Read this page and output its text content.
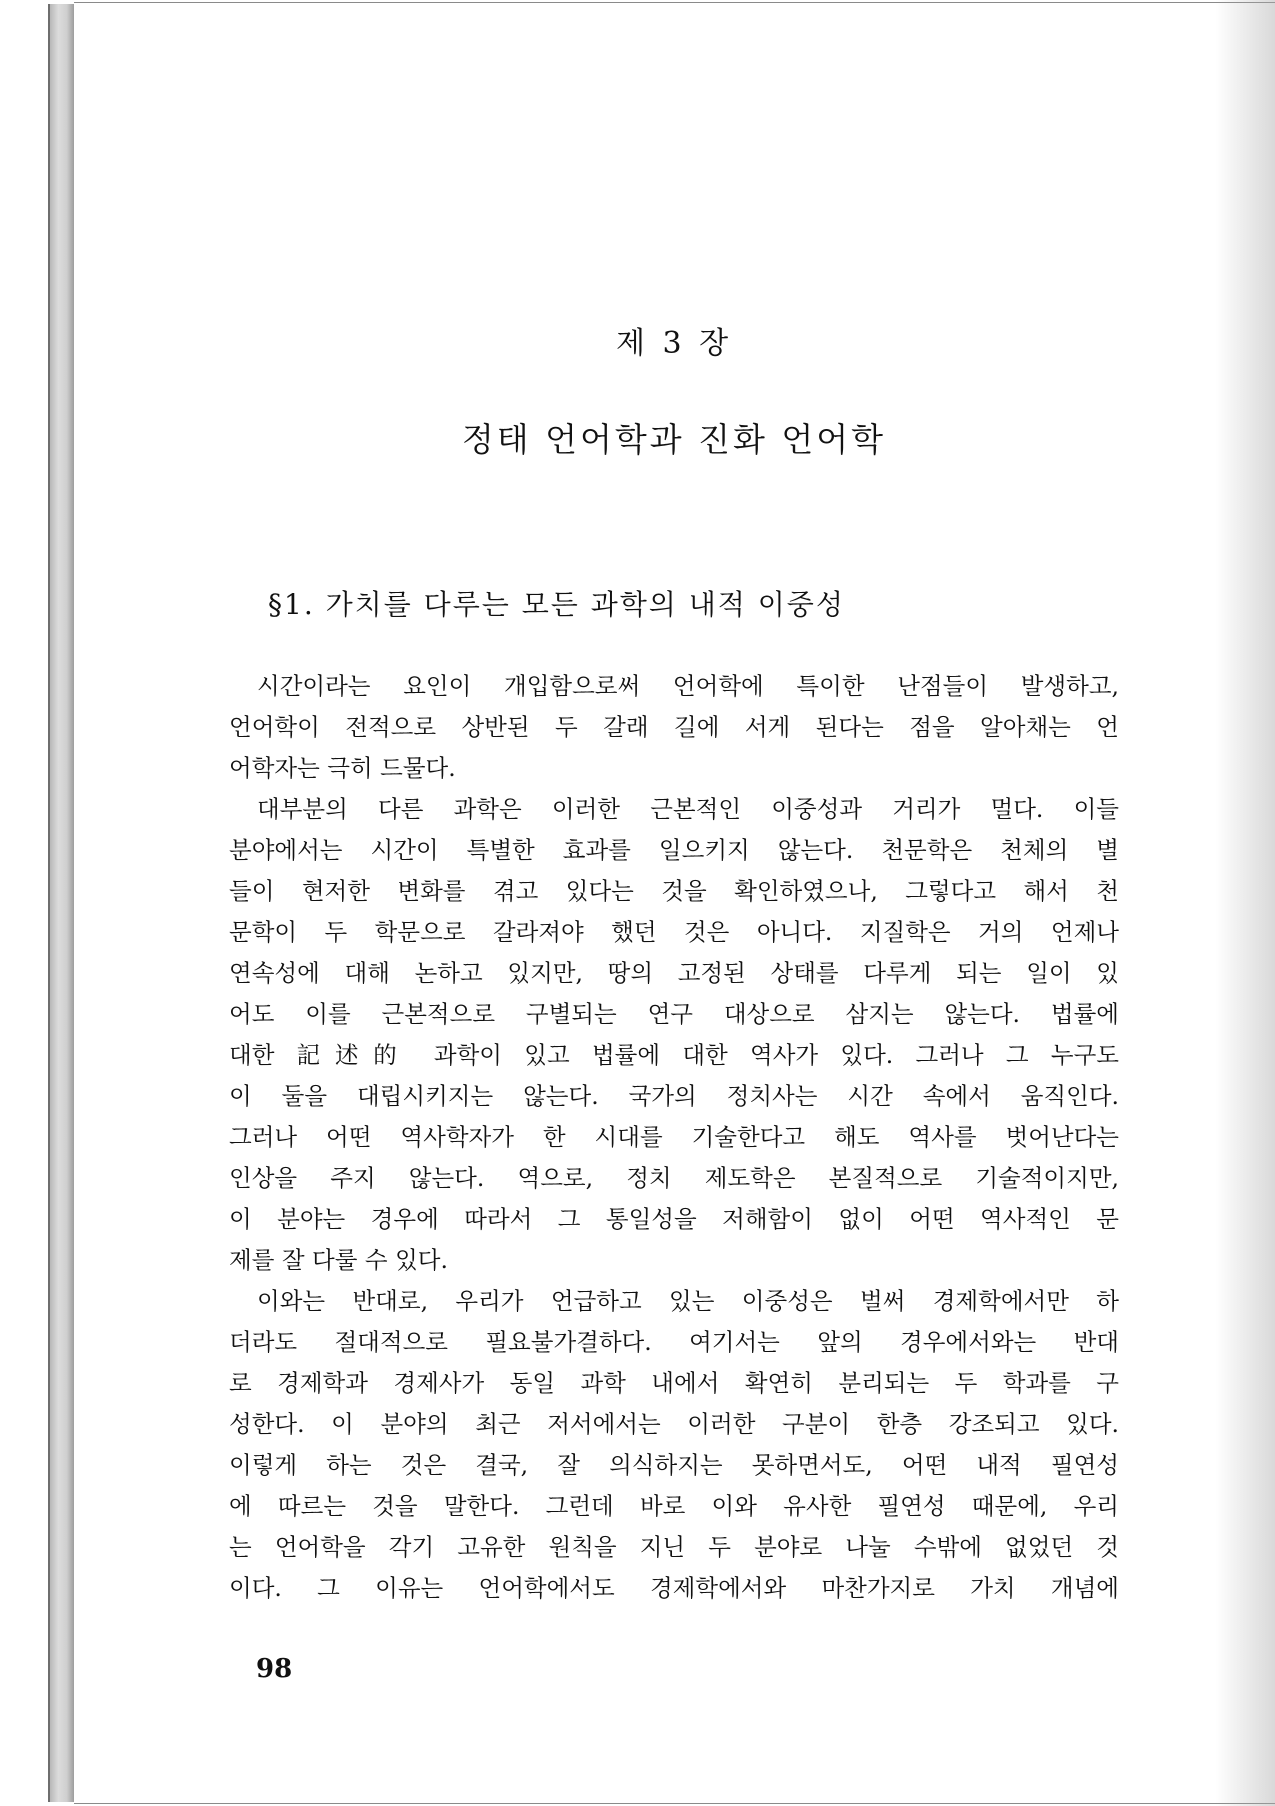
제 3 장
정태 언어학과 진화 언어학
§1. 가치를 다루는 모든 과학의 내적 이중성
시간이라는 요인이 개입함으로써 언어학에 특이한 난점들이 발생하고,
언어학이 전적으로 상반된 두 갈래 길에 서게 된다는 점을 알아채는 언
어학자는 극히 드물다.
대부분의 다른 과학은 이러한 근본적인 이중성과 거리가 멀다. 이들
분야에서는 시간이 특별한 효과를 일으키지 않는다. 천문학은 천체의 별
들이 현저한 변화를 겪고 있다는 것을 확인하였으나, 그렇다고 해서 천
문학이 두 학문으로 갈라져야 했던 것은 아니다. 지질학은 거의 언제나
연속성에 대해 논하고 있지만, 땅의 고정된 상태를 다루게 되는 일이 있
어도 이를 근본적으로 구별되는 연구 대상으로 삼지는 않는다. 법률에
대한 記述的 과학이 있고 법률에 대한 역사가 있다. 그러나 그 누구도
이 둘을 대립시키지는 않는다. 국가의 정치사는 시간 속에서 움직인다.
그러나 어떤 역사학자가 한 시대를 기술한다고 해도 역사를 벗어난다는
인상을 주지 않는다. 역으로, 정치 제도학은 본질적으로 기술적이지만,
이 분야는 경우에 따라서 그 통일성을 저해함이 없이 어떤 역사적인 문
제를 잘 다룰 수 있다.
이와는 반대로, 우리가 언급하고 있는 이중성은 벌써 경제학에서만 하
더라도 절대적으로 필요불가결하다. 여기서는 앞의 경우에서와는 반대
로 경제학과 경제사가 동일 과학 내에서 확연히 분리되는 두 학과를 구
성한다. 이 분야의 최근 저서에서는 이러한 구분이 한층 강조되고 있다.
이렇게 하는 것은 결국, 잘 의식하지는 못하면서도, 어떤 내적 필연성
에 따르는 것을 말한다. 그런데 바로 이와 유사한 필연성 때문에, 우리
는 언어학을 각기 고유한 원칙을 지닌 두 분야로 나눌 수밖에 없었던 것
이다. 그 이유는 언어학에서도 경제학에서와 마찬가지로 가치 개념에
98
